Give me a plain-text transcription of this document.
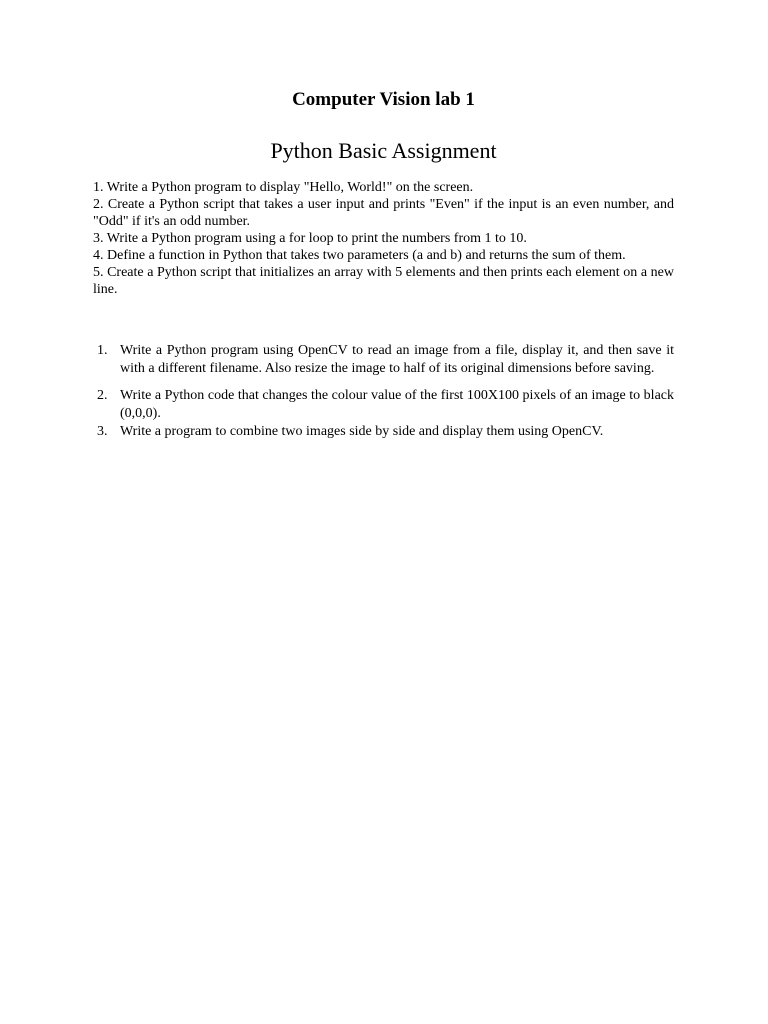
Computer Vision lab 1
Python Basic Assignment

1. Write a Python program to display "Hello, World!" on the screen.

2. Create a Python script that takes a user input and prints "Even" if the input is an even number, and "Odd" if it's an odd number.

3. Write a Python program using a for loop to print the numbers from 1 to 10.

4. Define a function in Python that takes two parameters (a and b) and returns the sum of them.

5. Create a Python script that initializes an array with 5 elements and then prints each element on a new line.

1. Write a Python program using OpenCV to read an image from a file, display it, and then save it with a different filename. Also resize the image to half of its original dimensions before saving.
2. Write a Python code that changes the colour value of the first 100X100 pixels of an image to black (0,0,0).
3. Write a program to combine two images side by side and display them using OpenCV.
